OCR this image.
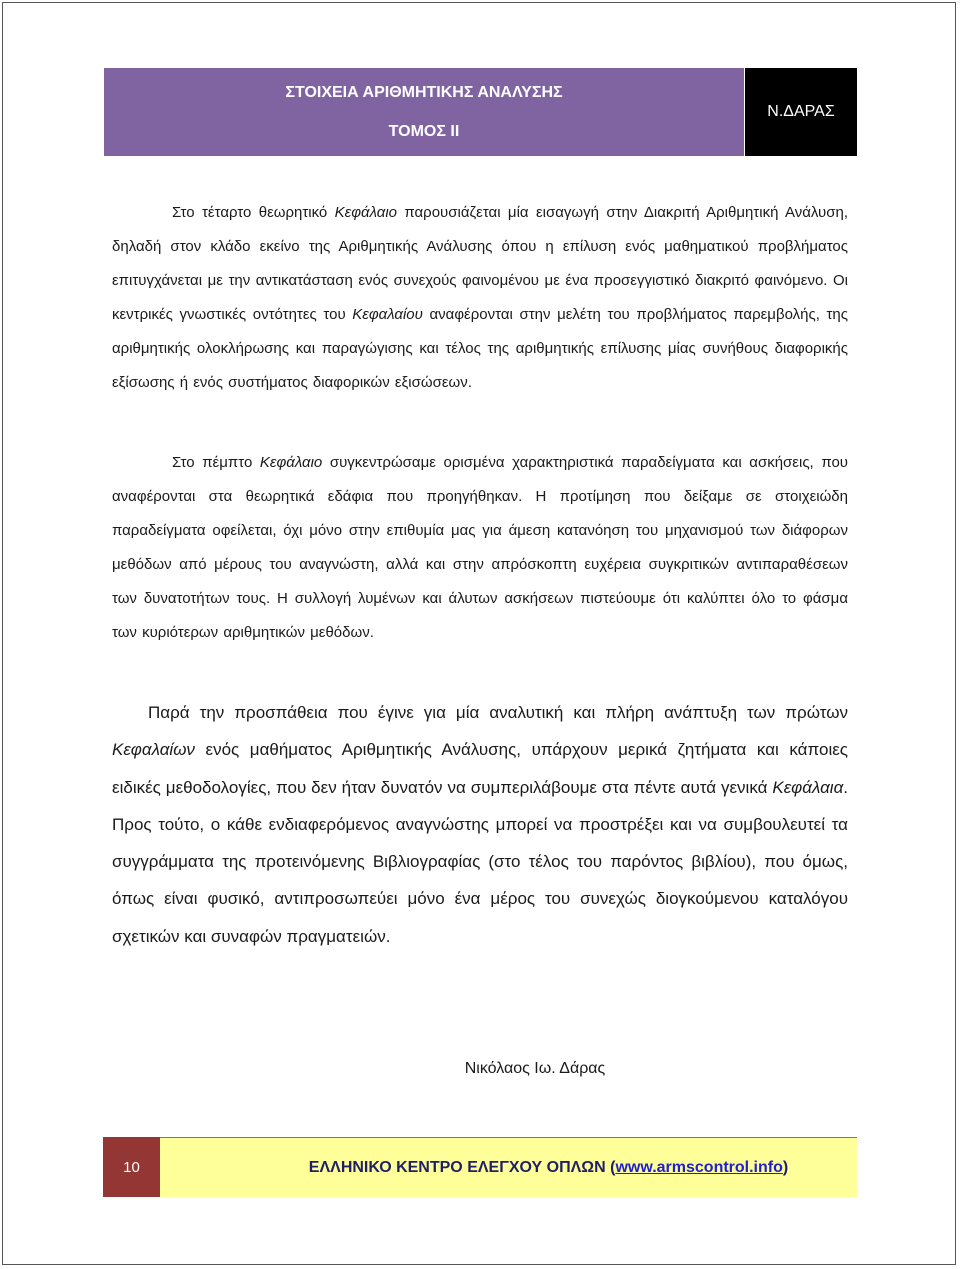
ΣΤΟΙΧΕΙΑ ΑΡΙΘΜΗΤΙΚΗΣ ΑΝΑΛΥΣΗΣ
ΤΟΜΟΣ ΙΙ
Ν.ΔΑΡΑΣ

Στο τέταρτο θεωρητικό Κεφάλαιο παρουσιάζεται μία εισαγωγή στην Διακριτή Αριθμητική Ανάλυση, δηλαδή στον κλάδο εκείνο της Αριθμητικής Ανάλυσης όπου η επίλυση ενός μαθηματικού προβλήματος επιτυγχάνεται με την αντικατάσταση ενός συνεχούς φαινομένου με ένα προσεγγιστικό διακριτό φαινόμενο. Οι κεντρικές γνωστικές οντότητες του Κεφαλαίου αναφέρονται στην μελέτη του προβλήματος παρεμβολής, της αριθμητικής ολοκλήρωσης και παραγώγισης και τέλος της αριθμητικής επίλυσης μίας συνήθους διαφορικής εξίσωσης ή ενός συστήματος διαφορικών εξισώσεων.

Στο πέμπτο Κεφάλαιο συγκεντρώσαμε ορισμένα χαρακτηριστικά παραδείγματα και ασκήσεις, που αναφέρονται στα θεωρητικά εδάφια που προηγήθηκαν. Η προτίμηση που δείξαμε σε στοιχειώδη παραδείγματα οφείλεται, όχι μόνο στην επιθυμία μας για άμεση κατανόηση του μηχανισμού των διάφορων μεθόδων από μέρους του αναγνώστη, αλλά και στην απρόσκοπτη ευχέρεια συγκριτικών αντιπαραθέσεων των δυνατοτήτων τους. Η συλλογή λυμένων και άλυτων ασκήσεων πιστεύουμε ότι καλύπτει όλο το φάσμα των κυριότερων αριθμητικών μεθόδων.

Παρά την προσπάθεια που έγινε για μία αναλυτική και πλήρη ανάπτυξη των πρώτων Κεφαλαίων ενός μαθήματος Αριθμητικής Ανάλυσης, υπάρχουν μερικά ζητήματα και κάποιες ειδικές μεθοδολογίες, που δεν ήταν δυνατόν να συμπεριλάβουμε στα πέντε αυτά γενικά Κεφάλαια. Προς τούτο, ο κάθε ενδιαφερόμενος αναγνώστης μπορεί να προστρέξει και να συμβουλευτεί τα συγγράμματα της προτεινόμενης Βιβλιογραφίας (στο τέλος του παρόντος βιβλίου), που όμως, όπως είναι φυσικό, αντιπροσωπεύει μόνο ένα μέρος του συνεχώς διογκούμενου καταλόγου σχετικών και συναφών πραγματειών.

Νικόλαος Ιω. Δάρας
10	ΕΛΛΗΝΙΚΟ ΚΕΝΤΡΟ ΕΛΕΓΧΟΥ ΟΠΛΩΝ ( www.armscontrol.info )
